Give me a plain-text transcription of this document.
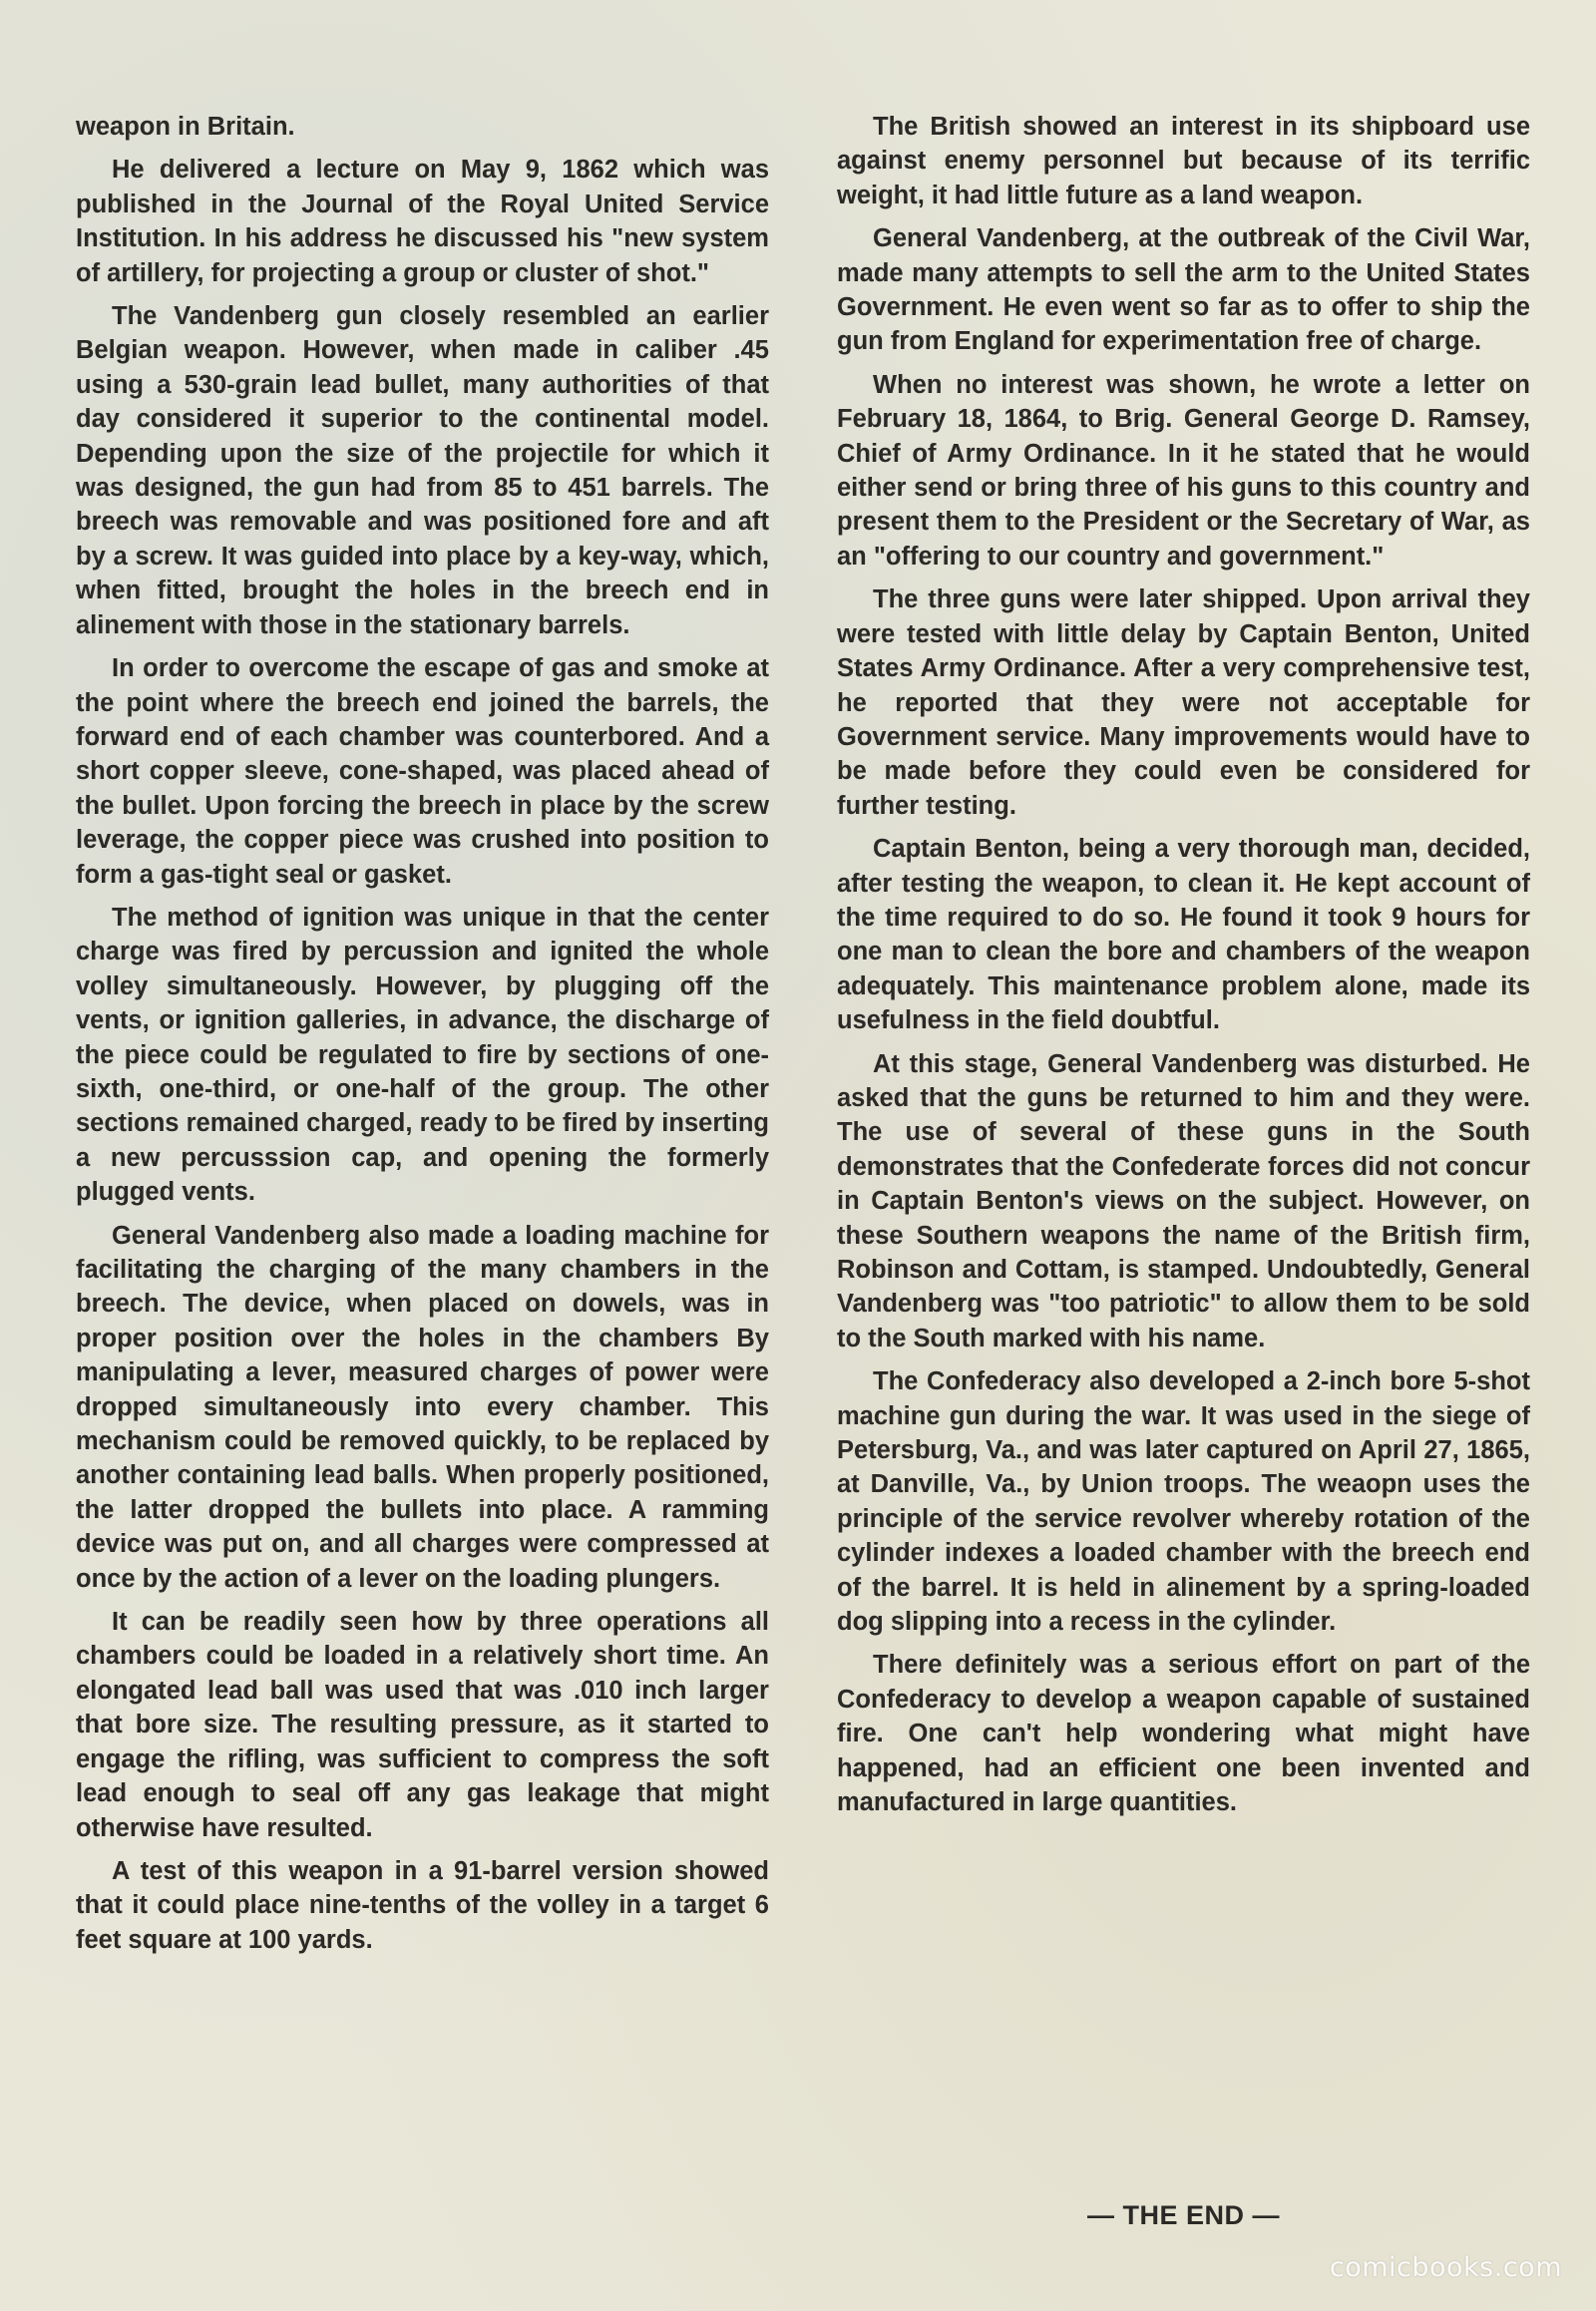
weapon in Britain.

He delivered a lecture on May 9, 1862 which was published in the Journal of the Royal United Service Institution. In his address he discussed his "new system of artillery, for projecting a group or cluster of shot."

The Vandenberg gun closely resembled an earlier Belgian weapon. However, when made in caliber .45 using a 530-grain lead bullet, many authorities of that day considered it superior to the continental model. Depending upon the size of the projectile for which it was designed, the gun had from 85 to 451 barrels. The breech was removable and was positioned fore and aft by a screw. It was guided into place by a key-way, which, when fitted, brought the holes in the breech end in alinement with those in the stationary barrels.

In order to overcome the escape of gas and smoke at the point where the breech end joined the barrels, the forward end of each chamber was counterbored. And a short copper sleeve, cone-shaped, was placed ahead of the bullet. Upon forcing the breech in place by the screw leverage, the copper piece was crushed into position to form a gas-tight seal or gasket.

The method of ignition was unique in that the center charge was fired by percussion and ignited the whole volley simultaneously. However, by plugging off the vents, or ignition galleries, in advance, the discharge of the piece could be regulated to fire by sections of one-sixth, one-third, or one-half of the group. The other sections remained charged, ready to be fired by inserting a new percusssion cap, and opening the formerly plugged vents.

General Vandenberg also made a loading machine for facilitating the charging of the many chambers in the breech. The device, when placed on dowels, was in proper position over the holes in the chambers By manipulating a lever, measured charges of power were dropped simultaneously into every chamber. This mechanism could be removed quickly, to be replaced by another containing lead balls. When properly positioned, the latter dropped the bullets into place. A ramming device was put on, and all charges were compressed at once by the action of a lever on the loading plungers.

It can be readily seen how by three operations all chambers could be loaded in a relatively short time. An elongated lead ball was used that was .010 inch larger that bore size. The resulting pressure, as it started to engage the rifling, was sufficient to compress the soft lead enough to seal off any gas leakage that might otherwise have resulted.

A test of this weapon in a 91-barrel version showed that it could place nine-tenths of the volley in a target 6 feet square at 100 yards.

The British showed an interest in its shipboard use against enemy personnel but because of its terrific weight, it had little future as a land weapon.

General Vandenberg, at the outbreak of the Civil War, made many attempts to sell the arm to the United States Government. He even went so far as to offer to ship the gun from England for experimentation free of charge.

When no interest was shown, he wrote a letter on February 18, 1864, to Brig. General George D. Ramsey, Chief of Army Ordinance. In it he stated that he would either send or bring three of his guns to this country and present them to the President or the Secretary of War, as an "offering to our country and government."

The three guns were later shipped. Upon arrival they were tested with little delay by Captain Benton, United States Army Ordinance. After a very comprehensive test, he reported that they were not acceptable for Government service. Many improvements would have to be made before they could even be considered for further testing.

Captain Benton, being a very thorough man, decided, after testing the weapon, to clean it. He kept account of the time required to do so. He found it took 9 hours for one man to clean the bore and chambers of the weapon adequately. This maintenance problem alone, made its usefulness in the field doubtful.

At this stage, General Vandenberg was disturbed. He asked that the guns be returned to him and they were. The use of several of these guns in the South demonstrates that the Confederate forces did not concur in Captain Benton's views on the subject. However, on these Southern weapons the name of the British firm, Robinson and Cottam, is stamped. Undoubtedly, General Vandenberg was "too patriotic" to allow them to be sold to the South marked with his name.

The Confederacy also developed a 2-inch bore 5-shot machine gun during the war. It was used in the siege of Petersburg, Va., and was later captured on April 27, 1865, at Danville, Va., by Union troops. The weaopn uses the principle of the service revolver whereby rotation of the cylinder indexes a loaded chamber with the breech end of the barrel. It is held in alinement by a spring-loaded dog slipping into a recess in the cylinder.

There definitely was a serious effort on part of the Confederacy to develop a weapon capable of sustained fire. One can't help wondering what might have happened, had an efficient one been invented and manufactured in large quantities.

— THE END —
comicbooks.com
